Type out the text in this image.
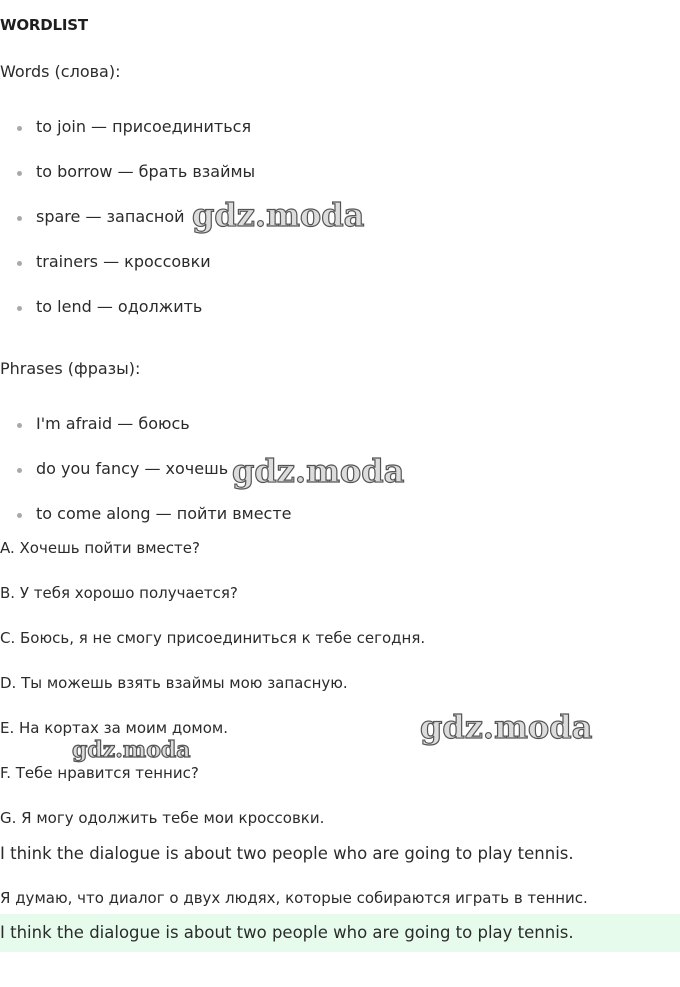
WORDLIST
Words (слова):
to join — присоединиться
to borrow — брать взаймы
spare — запасной
trainers — кроссовки
to lend — одолжить
Phrases (фразы):
I'm afraid — боюсь
do you fancy — хочешь
to come along — пойти вместе
A. Хочешь пойти вместе?
B. У тебя хорошо получается?
C. Боюсь, я не смогу присоединиться к тебе сегодня.
D. Ты можешь взять взаймы мою запасную.
E. На кортах за моим домом.
F. Тебе нравится теннис?
G. Я могу одолжить тебе мои кроссовки.
I think the dialogue is about two people who are going to play tennis.
Я думаю, что диалог о двух людях, которые собираются играть в теннис.
I think the dialogue is about two people who are going to play tennis.
gdz.moda
gdz.moda
gdz.moda
gdz.moda
